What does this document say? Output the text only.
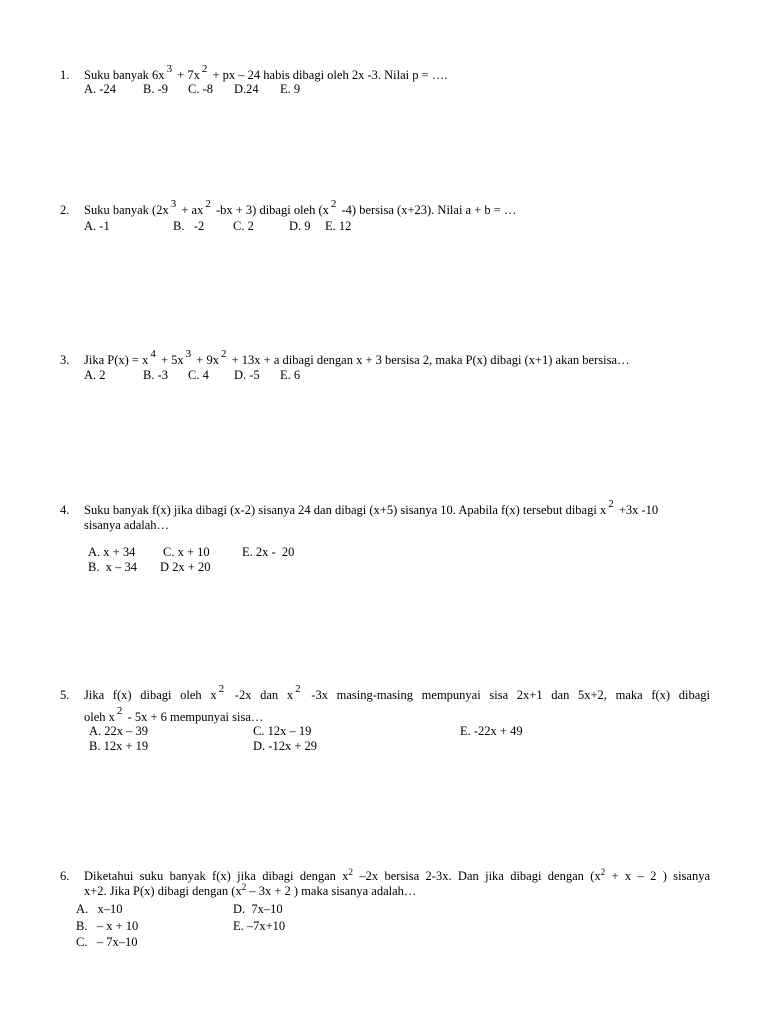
1. Suku banyak 6x $^3$ + 7x $^2$ + px – 24 habis dibagi oleh 2x -3. Nilai p = ….
A. -24 B. -9 C. -8 D.24 E. 9
2. Suku banyak (2x $^3$ + ax $^2$ -bx + 3) dibagi oleh (x $^2$ -4) bersisa (x+23). Nilai a + b = …
A. -1	B.   -2 C. 2	D. 9 E. 12
3. Jika P(x) = x $^4$ + 5x $^3$ + 9x $^2$ + 13x + a dibagi dengan x + 3 bersisa 2, maka P(x) dibagi (x+1) akan bersisa…
A. 2	B. -3 C. 4 D. -5 E. 6
4. Suku banyak f(x) jika dibagi (x-2) sisanya 24 dan dibagi (x+5) sisanya 10. Apabila f(x) tersebut dibagi x $^2$ +3x -10
sisanya adalah…
A. x + 34 C. x + 10	E. 2x -  20
B.  x – 34 D 2x + 20
5. Jika f(x) dibagi oleh x $^2$ -2x dan x $^2$ -3x masing-masing mempunyai sisa 2x+1 dan 5x+2, maka f(x) dibagi
oleh x $^2$ - 5x + 6 mempunyai sisa…
A. 22x – 39	C. 12x – 19	E. -22x + 49
B. 12x + 19	D. -12x + 29
6. Diketahui suku banyak f(x) jika dibagi dengan $x^2$ –2x bersisa 2-3x. Dan jika dibagi dengan ($x^2 + x - 2$ ) sisanya
x+2. Jika P(x) dibagi dengan ($x^2 - 3x + 2$ ) maka sisanya adalah…
A.   x–10	D.  7x–10
B.   – x + 10	E. –7x+10
C.   – 7x–10
